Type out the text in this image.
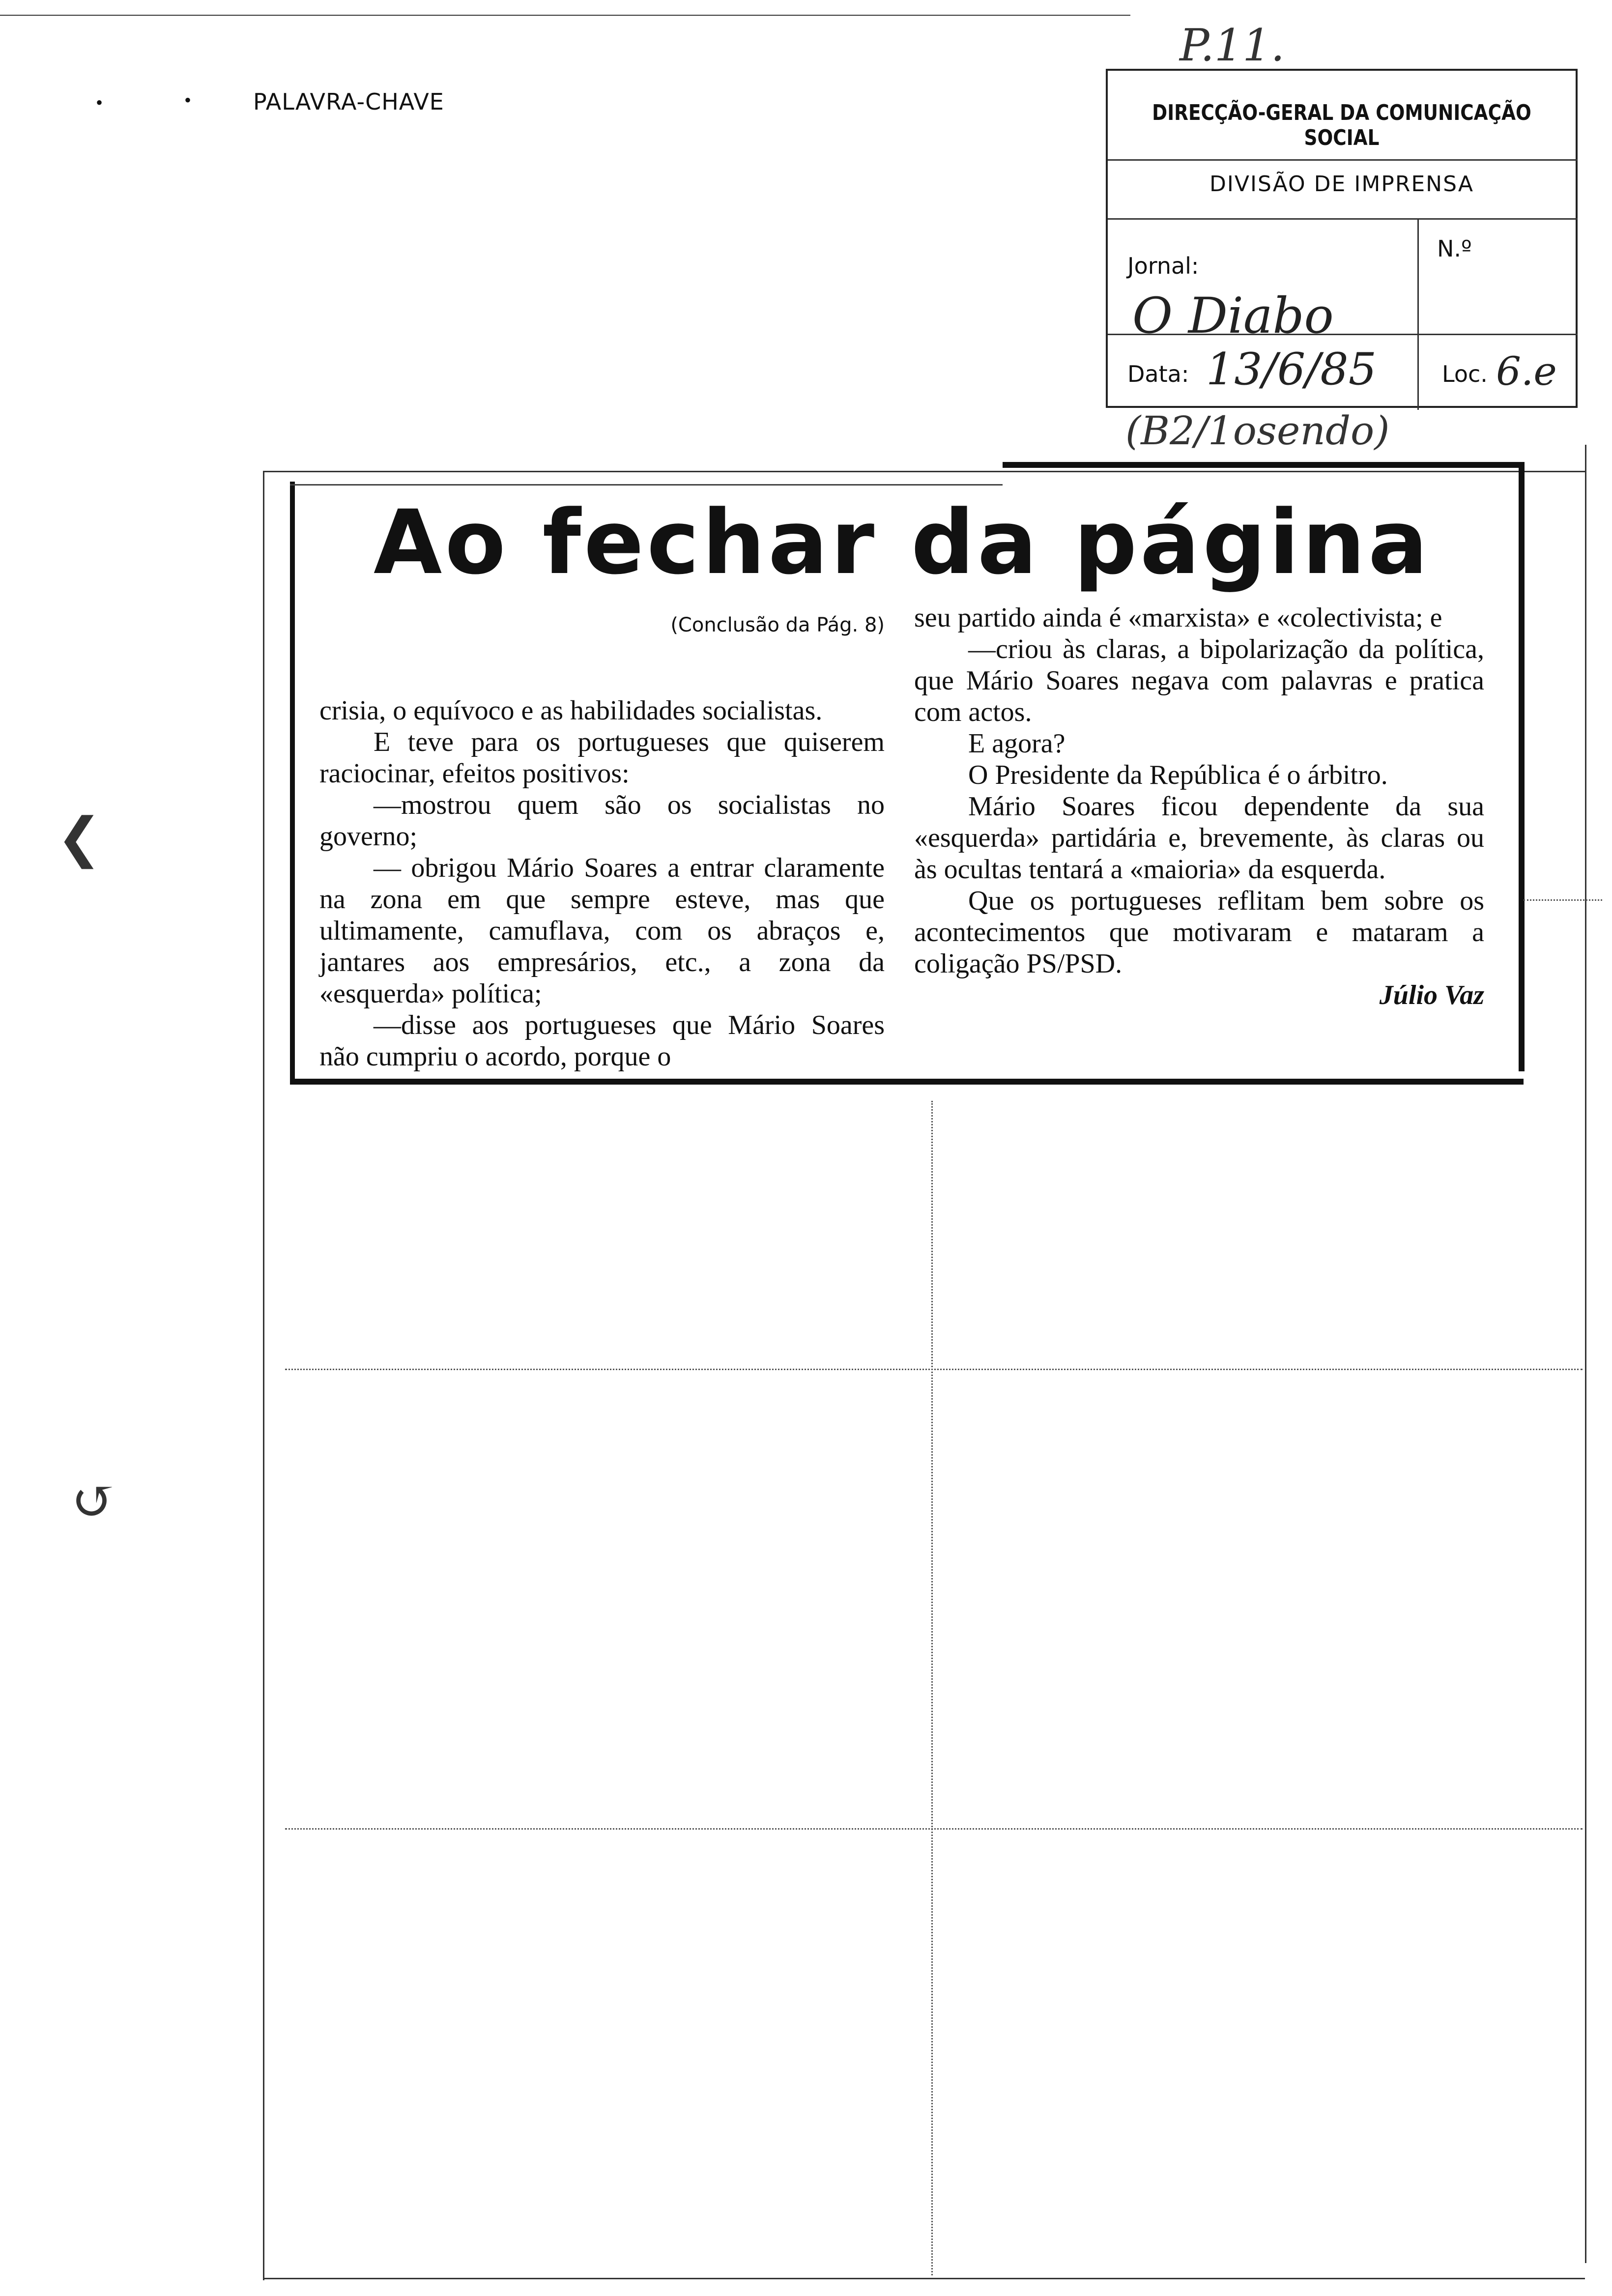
•	•	PALAVRA-CHAVE
P.11.
DIRECÇÃO-GERAL DA COMUNICAÇÃO SOCIAL
DIVISÃO DE IMPRENSA
Jornal:
O Diabo
N.º
Data: 13/6/85	Loc. 6.e
(B2/1osendo)
Ao fechar da página

(Conclusão da Pág. 8)

crisia, o equívoco e as habilidades socialistas.

E teve para os portugueses que quiserem raciocinar, efeitos positivos:

—mostrou quem são os socialistas no governo;

— obrigou Mário Soares a entrar claramente na zona em que sempre esteve, mas que ultimamente, camuflava, com os abraços e, jantares aos empresários, etc., a zona da «esquerda» política;

—disse aos portugueses que Mário Soares não cumpriu o acordo, porque o

seu partido ainda é «marxista» e «colectivista; e

—criou às claras, a bipolarização da política, que Mário Soares negava com palavras e pratica com actos.

E agora?

O Presidente da República é o árbitro.

Mário Soares ficou dependente da sua «esquerda» partidária e, brevemente, às claras ou às ocultas tentará a «maioria» da esquerda.

Que os portugueses reflitam bem sobre os acontecimentos que motivaram e mataram a coligação PS/PSD.

Júlio Vaz

❮
↺
